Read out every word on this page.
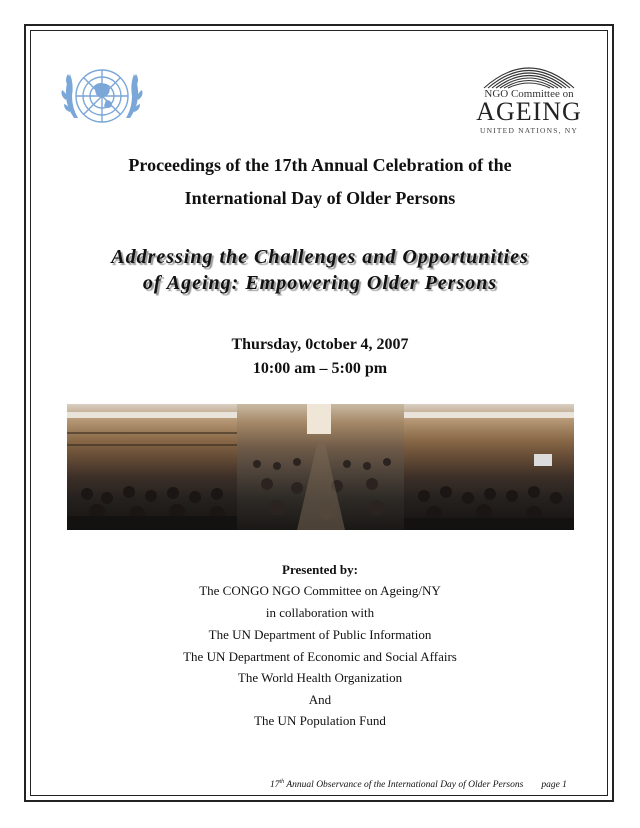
NGO Committee on
AGEING
UNITED NATIONS, NY
Proceedings of the 17th Annual Celebration of the
International Day of Older Persons
Addressing the Challenges and Opportunities
of Ageing: Empowering Older Persons
Thursday, 0ctober 4, 2007
10:00 am – 5:00 pm
Presented by:
The CONGO NGO Committee on Ageing/NY
in collaboration with
The UN Department of Public Information
The UN Department of Economic and Social Affairs
The World Health Organization
And
The UN Population Fund
17th Annual Observance of the International Day of Older Persons page 1
